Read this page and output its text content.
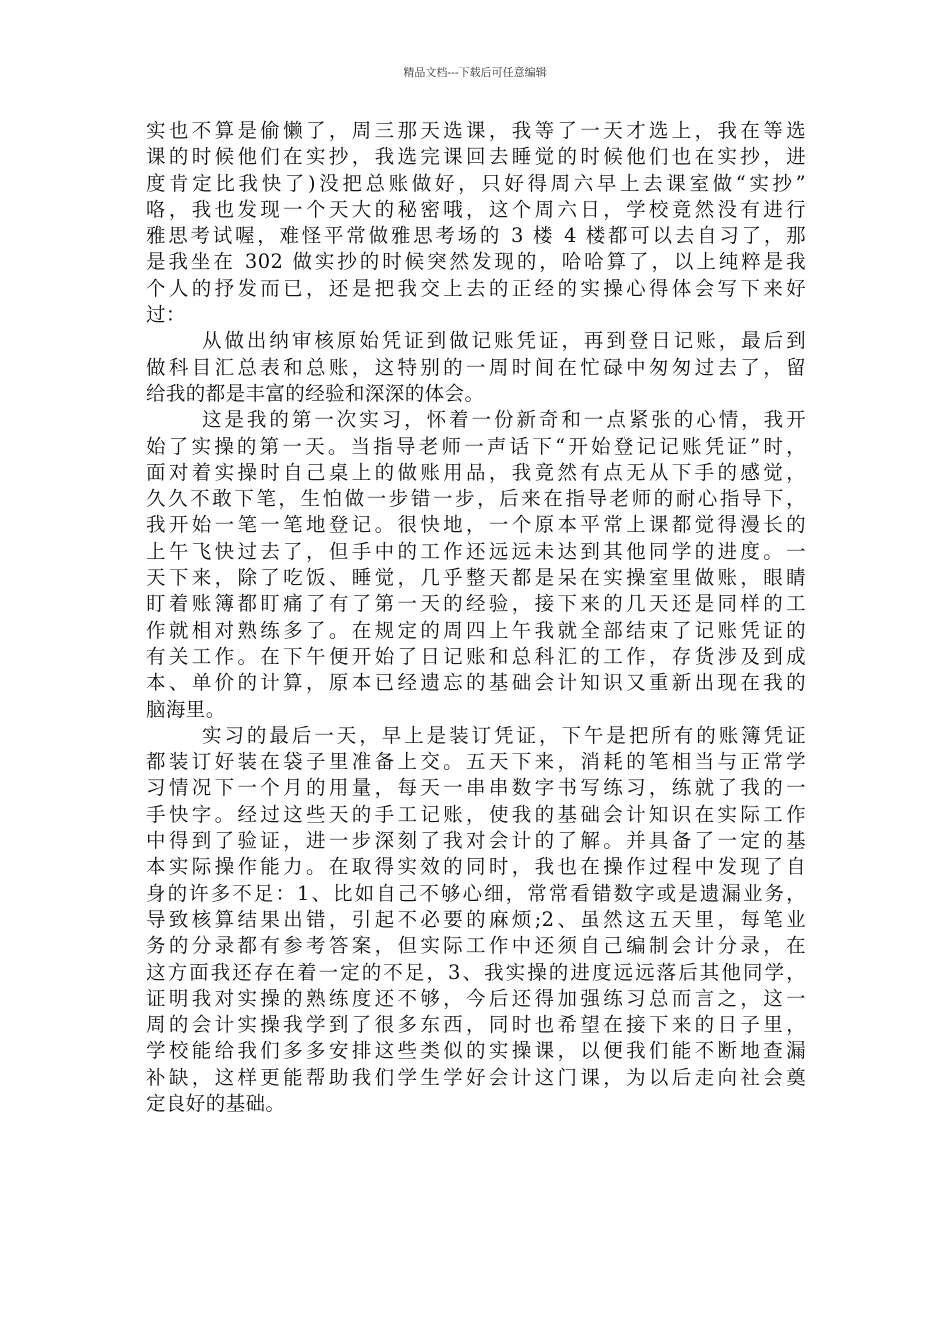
精品文档---下载后可任意编辑
实也不算是偷懒了，周三那天选课，我等了一天才选上，我在等选
课的时候他们在实抄，我选完课回去睡觉的时候他们也在实抄，进
度肯定比我快了)没把总账做好，只好得周六早上去课室做“实抄”
咯，我也发现一个天大的秘密哦，这个周六日，学校竟然没有进行
雅思考试喔，难怪平常做雅思考场的 3 楼 4 楼都可以去自习了，那
是我坐在 302 做实抄的时候突然发现的，哈哈算了，以上纯粹是我
个人的抒发而已，还是把我交上去的正经的实操心得体会写下来好
过：
从做出纳审核原始凭证到做记账凭证，再到登日记账，最后到
做科目汇总表和总账，这特别的一周时间在忙碌中匆匆过去了，留
给我的都是丰富的经验和深深的体会。
这是我的第一次实习，怀着一份新奇和一点紧张的心情，我开
始了实操的第一天。当指导老师一声话下“开始登记记账凭证”时，
面对着实操时自己桌上的做账用品，我竟然有点无从下手的感觉，
久久不敢下笔，生怕做一步错一步，后来在指导老师的耐心指导下，
我开始一笔一笔地登记。很快地，一个原本平常上课都觉得漫长的
上午飞快过去了，但手中的工作还远远未达到其他同学的进度。一
天下来，除了吃饭、睡觉，几乎整天都是呆在实操室里做账，眼睛
盯着账簿都盯痛了有了第一天的经验，接下来的几天还是同样的工
作就相对熟练多了。在规定的周四上午我就全部结束了记账凭证的
有关工作。在下午便开始了日记账和总科汇的工作，存货涉及到成
本、单价的计算，原本已经遗忘的基础会计知识又重新出现在我的
脑海里。
实习的最后一天，早上是装订凭证，下午是把所有的账簿凭证
都装订好装在袋子里准备上交。五天下来，消耗的笔相当与正常学
习情况下一个月的用量，每天一串串数字书写练习，练就了我的一
手快字。经过这些天的手工记账，使我的基础会计知识在实际工作
中得到了验证，进一步深刻了我对会计的了解。并具备了一定的基
本实际操作能力。在取得实效的同时，我也在操作过程中发现了自
身的许多不足：1、比如自己不够心细，常常看错数字或是遗漏业务，
导致核算结果出错，引起不必要的麻烦;2、虽然这五天里，每笔业
务的分录都有参考答案，但实际工作中还须自己编制会计分录，在
这方面我还存在着一定的不足，3、我实操的进度远远落后其他同学，
证明我对实操的熟练度还不够，今后还得加强练习总而言之，这一
周的会计实操我学到了很多东西，同时也希望在接下来的日子里，
学校能给我们多多安排这些类似的实操课，以便我们能不断地查漏
补缺，这样更能帮助我们学生学好会计这门课，为以后走向社会奠
定良好的基础。
